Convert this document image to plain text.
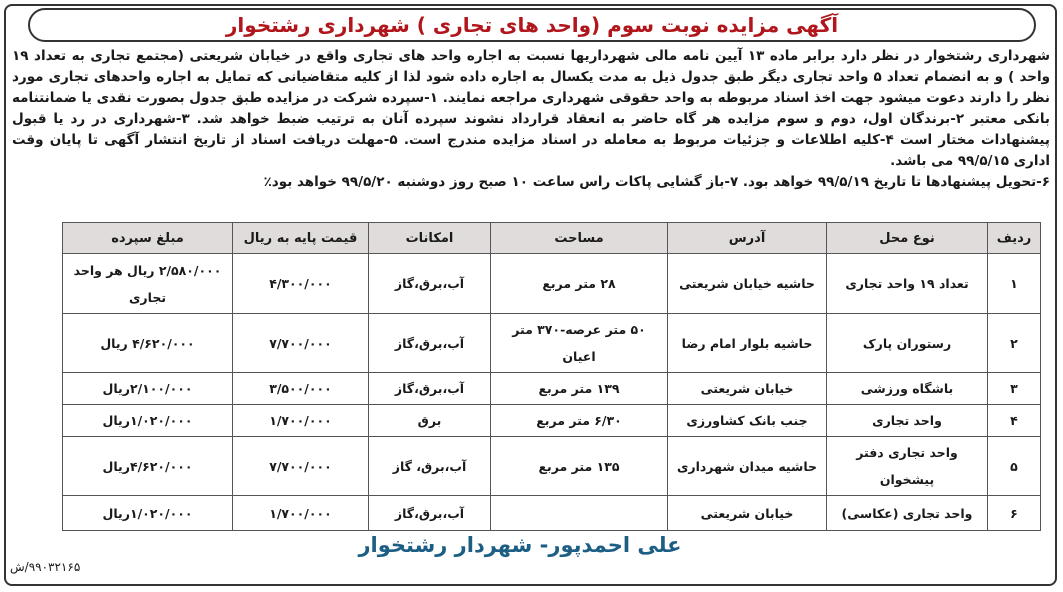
آگهی مزایده نوبت سوم (واحد های تجاری ) شهرداری رشتخوار

شهرداری رشتخوار در نظر دارد برابر ماده ۱۳ آیین نامه مالی شهرداریها نسبت به اجاره واحد های تجاری واقع در خیابان شریعتی (مجتمع تجاری به تعداد ۱۹ واحد ) و به انضمام تعداد ۵ واحد تجاری دیگر طبق جدول ذیل به مدت یکسال به اجاره داده شود لذا از کلیه متقاضیانی که تمایل به اجاره واحدهای تجاری مورد نظر را دارند دعوت میشود جهت اخذ اسناد مربوطه به واحد حقوقی شهرداری مراجعه نمایند. ۱-سپرده شرکت در مزایده طبق جدول بصورت نقدی یا ضمانتنامه بانکی معتبر ۲-برندگان اول، دوم و سوم مزایده هر گاه حاضر به انعقاد قرارداد نشوند سپرده آنان به ترتیب ضبط خواهد شد. ۳-شهرداری در رد یا قبول پیشنهادات مختار است ۴-کلیه اطلاعات و جزئیات مربوط به معامله در اسناد مزایده مندرج است. ۵-مهلت دریافت اسناد از تاریخ انتشار آگهی تا پایان وقت اداری ۹۹/۵/۱۵ می باشد.

۶-تحویل پیشنهادها تا تاریخ ۹۹/۵/۱۹ خواهد بود. ۷-باز گشایی پاکات راس ساعت ۱۰ صبح روز دوشنبه ۹۹/۵/۲۰ خواهد بود٪

ردیف	نوع محل	آدرس	مساحت	امکانات	قیمت پایه به ریال	مبلغ سپرده
۱	تعداد ۱۹ واحد تجاری	حاشیه خیابان شریعتی	۲۸ متر مربع	آب،برق،گاز	۴/۳۰۰/۰۰۰	۲/۵۸۰/۰۰۰ ریال هر واحد تجاری
۲	رستوران پارک	حاشیه بلوار امام رضا	۵۰ متر عرصه-۳۷۰ متر اعیان	آب،برق،گاز	۷/۷۰۰/۰۰۰	۴/۶۲۰/۰۰۰ ریال
۳	باشگاه ورزشی	خیابان شریعتی	۱۳۹ متر مربع	آب،برق،گاز	۳/۵۰۰/۰۰۰	۲/۱۰۰/۰۰۰ریال
۴	واحد تجاری	جنب بانک کشاورزی	۶/۳۰ متر مربع	برق	۱/۷۰۰/۰۰۰	۱/۰۲۰/۰۰۰ریال
۵	واحد تجاری دفتر پیشخوان	حاشیه میدان شهرداری	۱۳۵ متر مربع	آب،برق، گاز	۷/۷۰۰/۰۰۰	۴/۶۲۰/۰۰۰ریال
۶	واحد تجاری (عکاسی)	خیابان شریعتی		آب،برق،گاز	۱/۷۰۰/۰۰۰	۱/۰۲۰/۰۰۰ریال
علی احمدپور- شهردار رشتخوار
۹۹۰۳۲۱۶۵/ش
